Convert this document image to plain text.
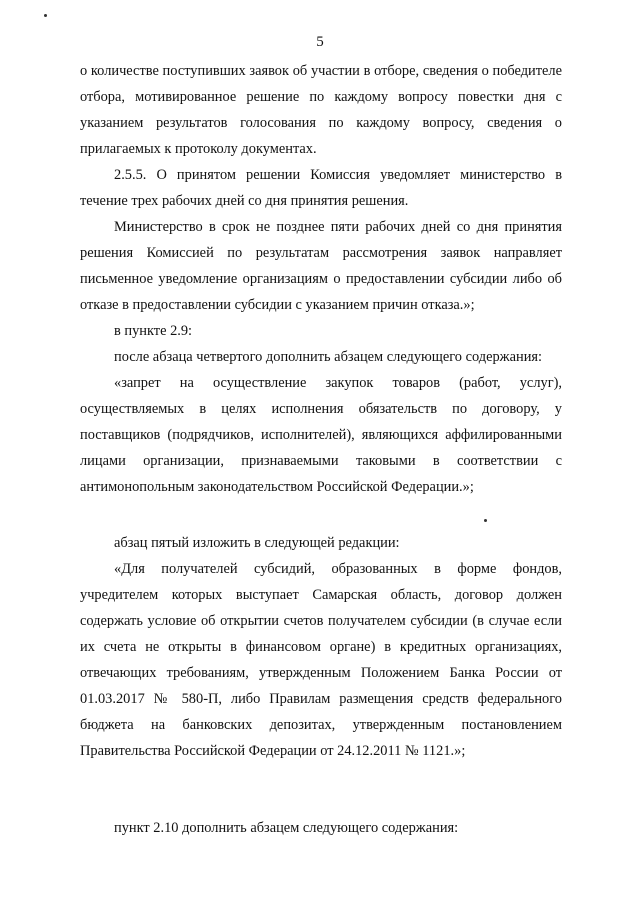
5

о количестве поступивших заявок об участии в отборе, сведения о победителе отбора, мотивированное решение по каждому вопросу повестки дня с указанием результатов голосования по каждому вопросу, сведения о прилагаемых к протоколу документах.

2.5.5. О принятом решении Комиссия уведомляет министерство в течение трех рабочих дней со дня принятия решения.

Министерство в срок не позднее пяти рабочих дней со дня принятия решения Комиссией по результатам рассмотрения заявок направляет письменное уведомление организациям о предоставлении субсидии либо об отказе в предоставлении субсидии с указанием причин отказа.»;

в пункте 2.9:

после абзаца четвертого дополнить абзацем следующего содержания:

«запрет на осуществление закупок товаров (работ, услуг), осуществляемых в целях исполнения обязательств по договору, у поставщиков (подрядчиков, исполнителей), являющихся аффилированными лицами организации, признаваемыми таковыми в соответствии с антимонопольным законодательством Российской Федерации.»;

абзац пятый изложить в следующей редакции:

«Для получателей субсидий, образованных в форме фондов, учредителем которых выступает Самарская область, договор должен содержать условие об открытии счетов получателем субсидии (в случае если их счета не открыты в финансовом органе) в кредитных организациях, отвечающих требованиям, утвержденным Положением Банка России от 01.03.2017 № 580-П, либо Правилам размещения средств федерального бюджета на банковских депозитах, утвержденным постановлением Правительства Российской Федерации от 24.12.2011 № 1121.»;

пункт 2.10 дополнить абзацем следующего содержания:
